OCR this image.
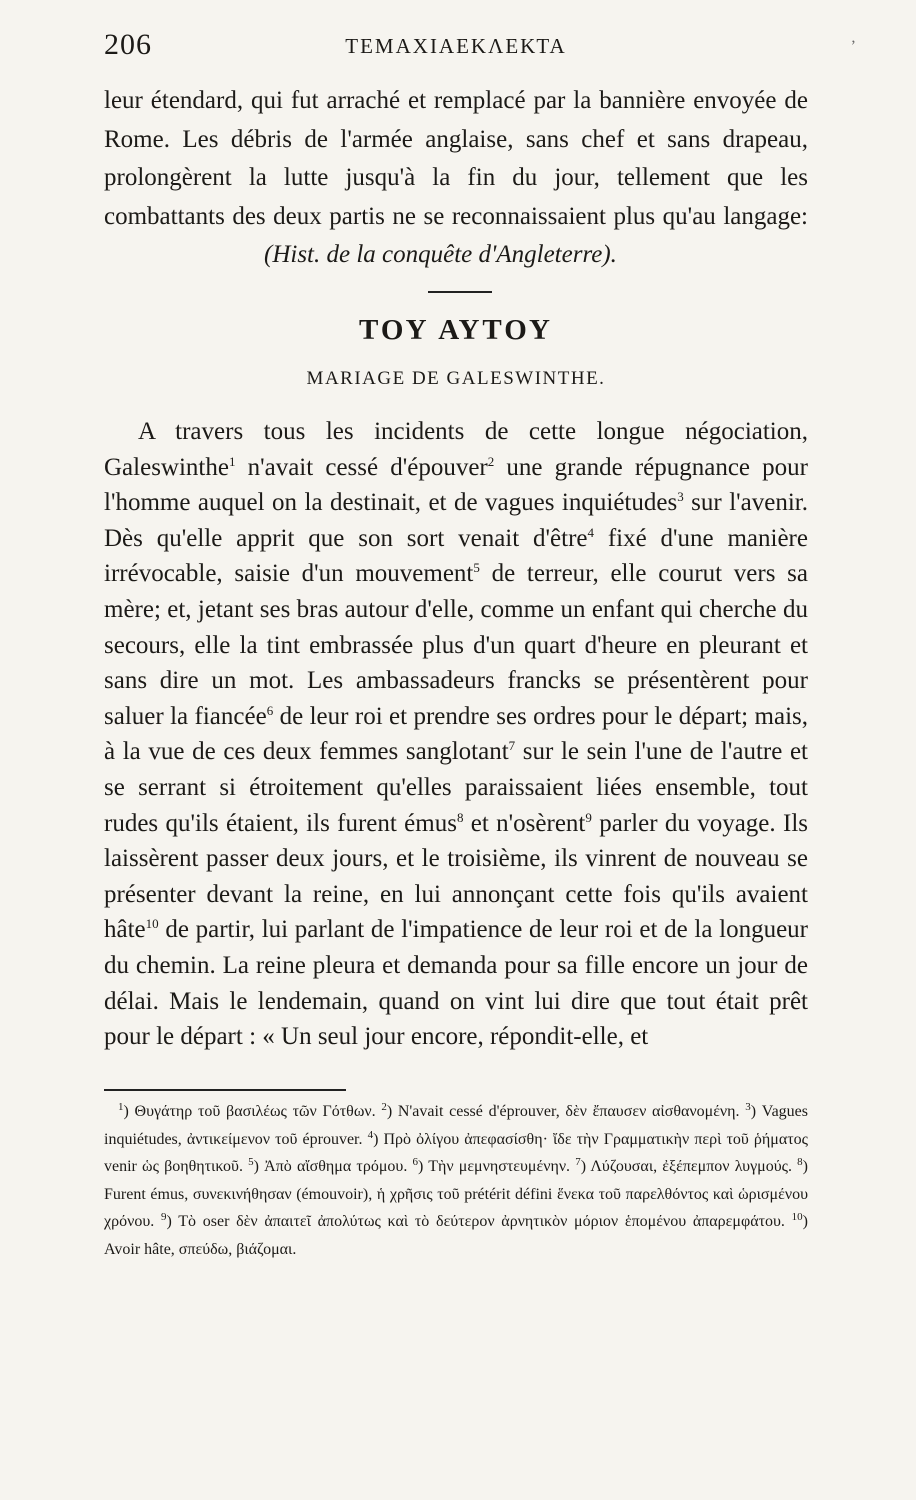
206	ΤΕΜΑΧΙΑΕΚΛΕΚΤΑ	ʼ

leur étendard, qui fut arraché et remplacé par la bannière envoyée de Rome. Les débris de l'armée anglaise, sans chef et sans drapeau, prolongèrent la lutte jusqu'à la fin du jour, tellement que les combattants des deux partis ne se reconnaissaient plus qu'au langage: (Hist. de la conquête d'Angleterre).

ΤΟΥ ΑΥΤΟΥ
MARIAGE DE GALESWINTHE.

A travers tous les incidents de cette longue négociation, Galeswinthe$^1$ n'avait cessé d'épouver$^2$ une grande répugnance pour l'homme auquel on la destinait, et de vagues inquiétudes$^3$ sur l'avenir. Dès qu'elle apprit que son sort venait d'être$^4$ fixé d'une manière irrévocable, saisie d'un mouvement$^5$ de terreur, elle courut vers sa mère; et, jetant ses bras autour d'elle, comme un enfant qui cherche du secours, elle la tint embrassée plus d'un quart d'heure en pleurant et sans dire un mot. Les ambassadeurs francks se présentèrent pour saluer la fiancée$^6$ de leur roi et prendre ses ordres pour le départ; mais, à la vue de ces deux femmes sanglotant$^7$ sur le sein l'une de l'autre et se serrant si étroitement qu'elles paraissaient liées ensemble, tout rudes qu'ils étaient, ils furent émus$^8$ et n'osèrent$^9$ parler du voyage. Ils laissèrent passer deux jours, et le troisième, ils vinrent de nouveau se présenter devant la reine, en lui annonçant cette fois qu'ils avaient hâte$^{10}$ de partir, lui parlant de l'impatience de leur roi et de la longueur du chemin. La reine pleura et demanda pour sa fille encore un jour de délai. Mais le lendemain, quand on vint lui dire que tout était prêt pour le départ : « Un seul jour encore, répondit-elle, et

$^1$) Θυγάτηρ τοῦ βασιλέως τῶν Γότθων. $^2$) N'avait cessé d'éprouver, δὲν ἔπαυσεν αἰσθανομένη. $^3$) Vagues inquiétudes, ἀντικείμενον τοῦ éprouver. $^4$) Πρὸ ὀλίγου ἀπεφασίσθη· ἴδε τὴν Γραμματικὴν περὶ τοῦ ῥήματος venir ὡς βοηθητικοῦ. $^5$) Ἀπὸ αἴσθημα τρόμου. $^6$) Τὴν μεμνηστευμένην. $^7$) Λύζουσαι, ἐξέπεμπον λυγμούς. $^8$) Furent émus, συνεκινήθησαν (émouvoir), ἡ χρῆσις τοῦ prétérit défini ἕνεκα τοῦ παρελθόντος καὶ ὡρισμένου χρόνου. $^9$) Τὸ oser δὲν ἀπαιτεῖ ἀπολύτως καὶ τὸ δεύτερον ἀρνητικὸν μόριον ἑπομένου ἀπαρεμφάτου. $^{10}$) Avoir hâte, σπεύδω, βιάζομαι.
